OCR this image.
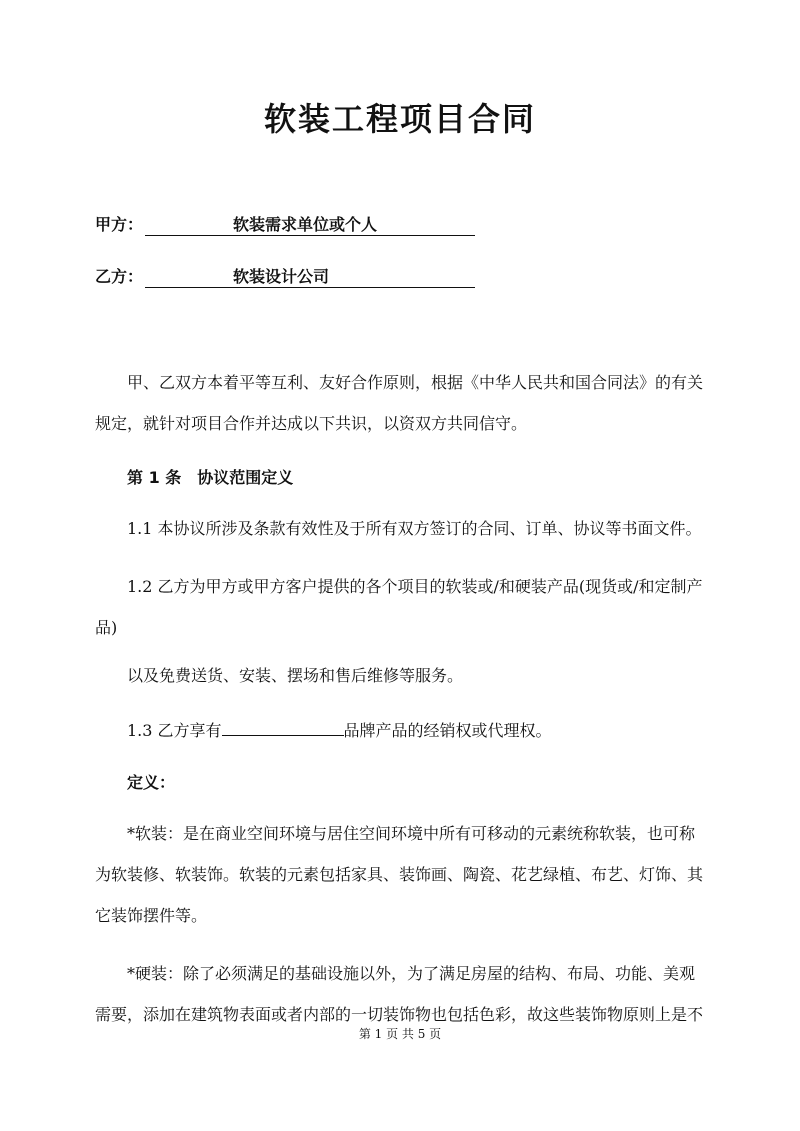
软装工程项目合同
甲方：	软装需求单位或个人
乙方：	软装设计公司
甲、乙双方本着平等互利、友好合作原则，根据《中华人民共和国合同法》的有关规定，就针对项目合作并达成以下共识，以资双方共同信守。
第 1 条　协议范围定义
1.1 本协议所涉及条款有效性及于所有双方签订的合同、订单、协议等书面文件。
1.2 乙方为甲方或甲方客户提供的各个项目的软装或/和硬装产品(现货或/和定制产品)
以及免费送货、安装、摆场和售后维修等服务。
1.3 乙方享有	品牌产品的经销权或代理权。
定义：
*软装：是在商业空间环境与居住空间环境中所有可移动的元素统称软装，也可称为软装修、软装饰。软装的元素包括家具、装饰画、陶瓷、花艺绿植、布艺、灯饰、其它装饰摆件等。
*硬装：除了必须满足的基础设施以外，为了满足房屋的结构、布局、功能、美观需要，添加在建筑物表面或者内部的一切装饰物也包括色彩，故这些装饰物原则上是不
第 1 页 共 5 页
